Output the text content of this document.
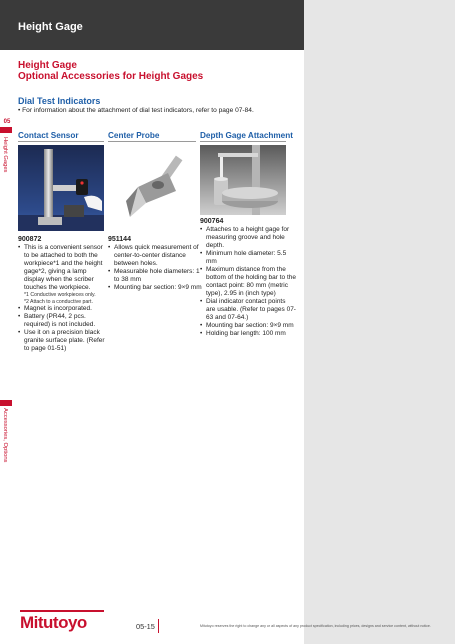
Height Gage
Height Gage
Optional Accessories for Height Gages
Dial Test Indicators
• For information about the attachment of dial test indicators, refer to page 07-84.
05
Height Gages
Accessories, Options
Contact Sensor	Center Probe	Depth Gage Attachment
900872
• This is a convenient sensor to be attached to both the workpiece*1 and the height gage*2, giving a lamp display when the scriber touches the workpiece.
*1 Conductive workpieces only.
*2 Attach to a conductive part.
• Magnet is incorporated.
• Battery (PR44, 2 pcs. required) is not included.
• Use it on a precision black granite surface plate. (Refer to page 01-51)
951144
• Allows quick measurement of center-to-center distance between holes.
• Measurable hole diameters: 1 to 38 mm
• Mounting bar section: 9×9 mm
900764
• Attaches to a height gage for measuring groove and hole depth.
• Minimum hole diameter: 5.5 mm
• Maximum distance from the bottom of the holding bar to the contact point: 80 mm (metric type), 2.95 in (inch type)
• Dial indicator contact points are usable. (Refer to pages 07-63 and 07-64.)
• Mounting bar section: 9×9 mm
• Holding bar length: 100 mm
Mitutoyo	05-15	Mitutoyo reserves the right to change any or all aspects of any product specification, including prices, designs and service content, without notice.
